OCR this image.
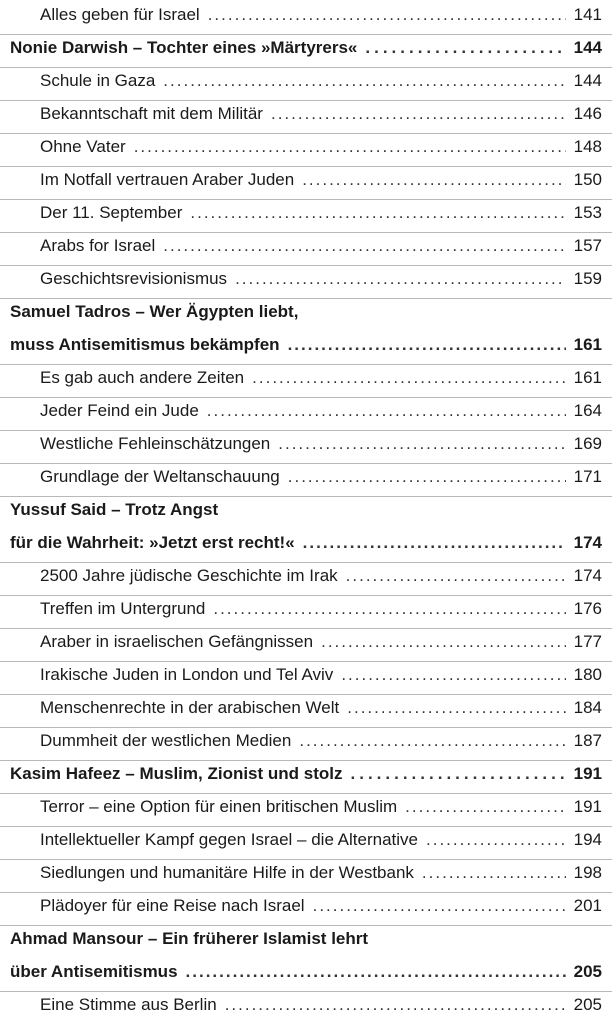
Alles geben für Israel .....	141
Nonie Darwish – Tochter eines »Märtyrers« .....	144
Schule in Gaza .....	144
Bekanntschaft mit dem Militär .....	146
Ohne Vater .....	148
Im Notfall vertrauen Araber Juden .....	150
Der 11. September .....	153
Arabs for Israel .....	157
Geschichtsrevisionismus .....	159
Samuel Tadros – Wer Ägypten liebt,
muss Antisemitismus bekämpfen .....	161
Es gab auch andere Zeiten .....	161
Jeder Feind ein Jude .....	164
Westliche Fehleinschätzungen .....	169
Grundlage der Weltanschauung .....	171
Yussuf Said – Trotz Angst
für die Wahrheit: »Jetzt erst recht!« .....	174
2500 Jahre jüdische Geschichte im Irak .....	174
Treffen im Untergrund .....	176
Araber in israelischen Gefängnissen .....	177
Irakische Juden in London und Tel Aviv .....	180
Menschenrechte in der arabischen Welt .....	184
Dummheit der westlichen Medien .....	187
Kasim Hafeez – Muslim, Zionist und stolz .....	191
Terror – eine Option für einen britischen Muslim .....	191
Intellektueller Kampf gegen Israel – die Alternative .....	194
Siedlungen und humanitäre Hilfe in der Westbank .....	198
Plädoyer für eine Reise nach Israel .....	201
Ahmad Mansour – Ein früherer Islamist lehrt
über Antisemitismus .....	205
Eine Stimme aus Berlin .....	205
